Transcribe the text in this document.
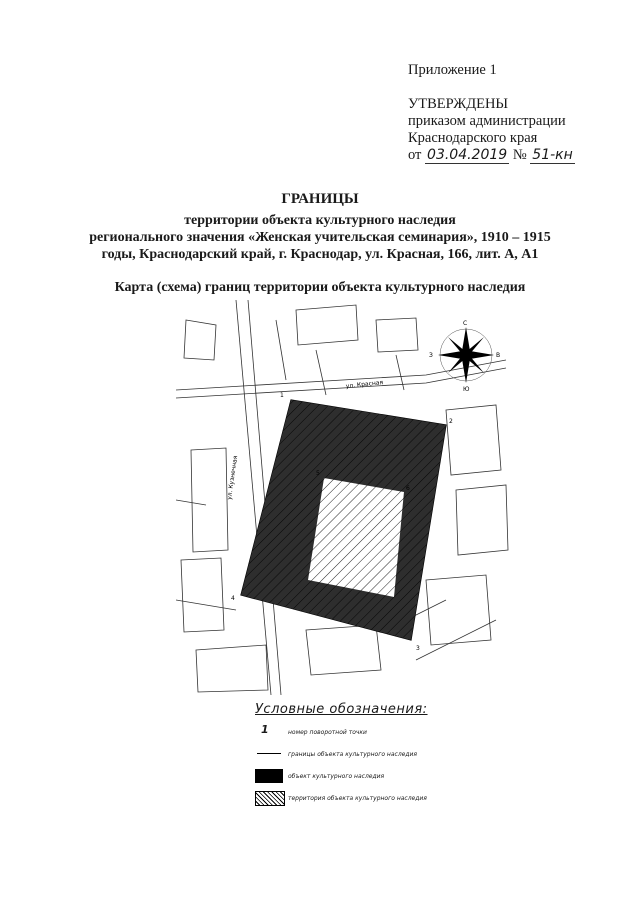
Приложение 1
УТВЕРЖДЕНЫ
приказом администрации
Краснодарского края
от 03.04.2019 № 51-кн
ГРАНИЦЫ
территории объекта культурного наследия
регионального значения «Женская учительская семинария», 1910 – 1915
годы, Краснодарский край, г. Краснодар, ул. Красная, 166, лит. А, А1
Карта (схема) границ территории объекта культурного наследия
ул. Красная
ул. Кузнечная
1
2
3
4
5
6
С
Ю
В
З
Условные обозначения:
1	номер поворотной точки
границы объекта культурного наследия
объект культурного наследия
территория объекта культурного наследия
